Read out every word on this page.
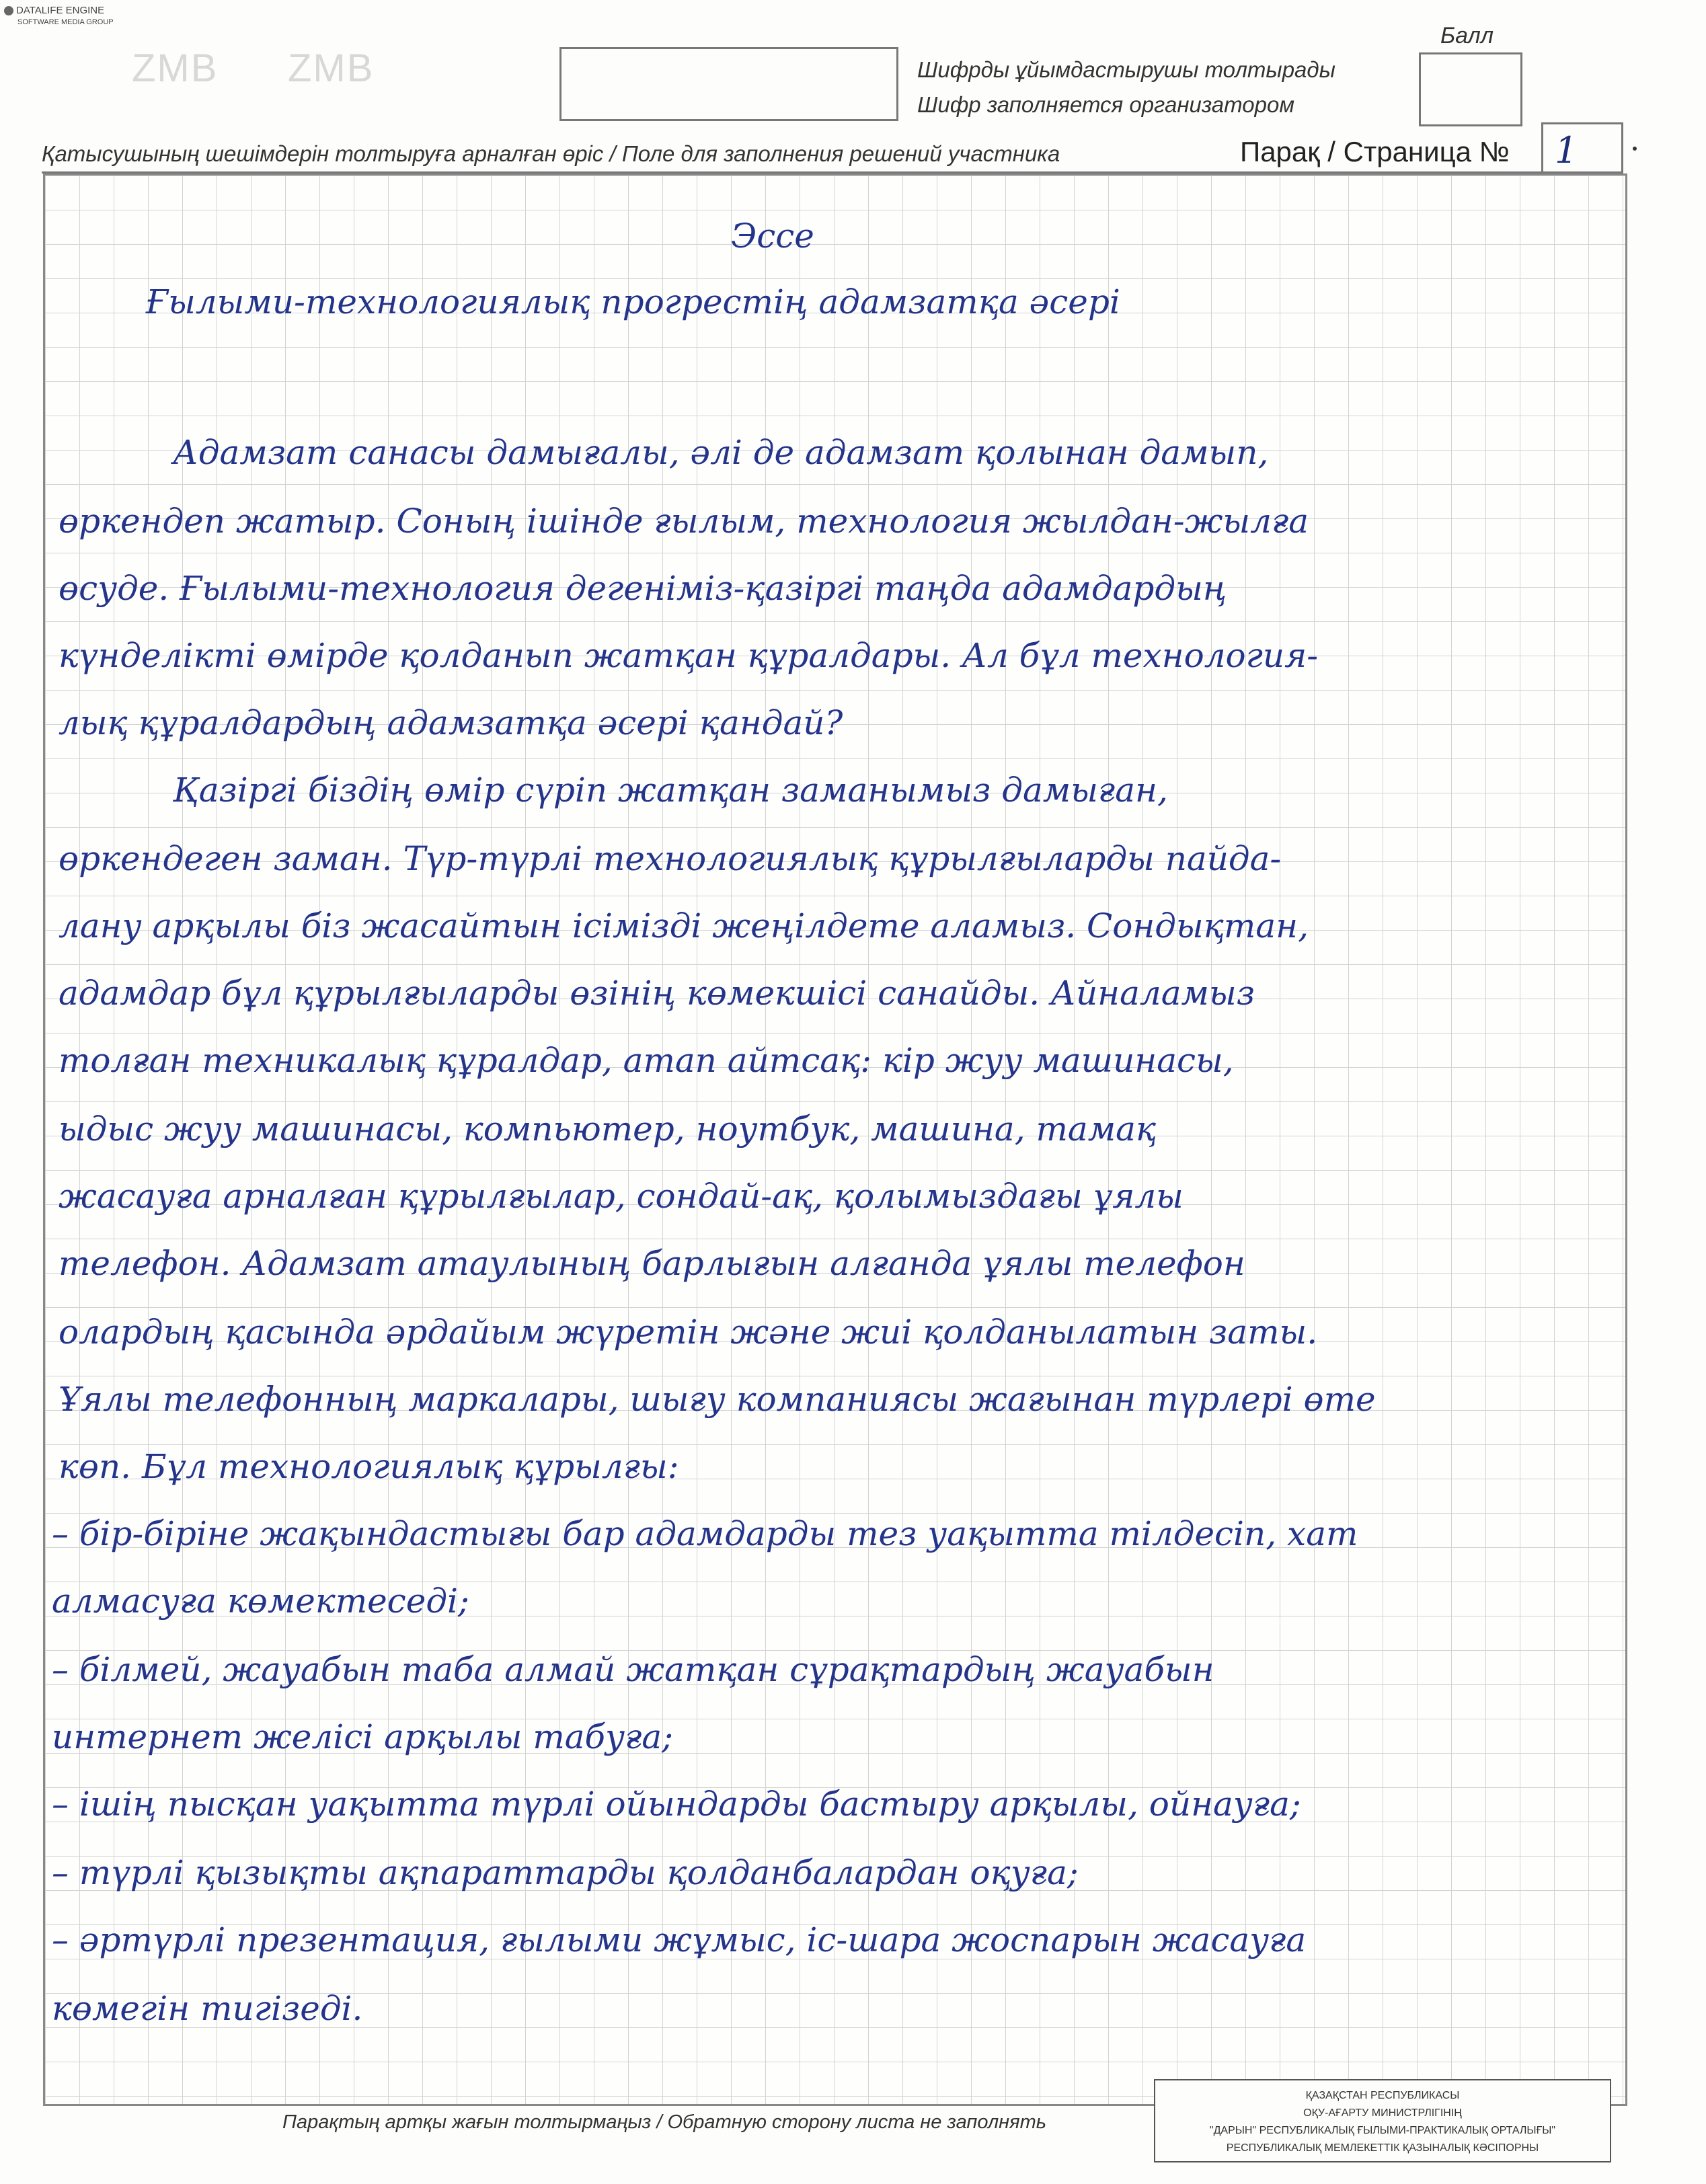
DATALIFE ENGINE
SOFTWARE MEDIA GROUP
ZMB ZMB	Шифрды ұйымдастырушы толтырады
Шифр заполняется организатором
Балл
Қатысушының шешімдерін толтыруға арналған өріс / Поле для заполнения решений участника	Парақ / Страница № 1

Эссе

Ғылыми-технологиялық прогрестің адамзатқа әсері

Адамзат санасы дамығалы, әлі де адамзат қолынан дамып,

өркендеп жатыр. Соның ішінде ғылым, технология жылдан-жылға

өсуде. Ғылыми-технология дегеніміз-қазіргі таңда адамдардың

күнделікті өмірде қолданып жатқан құралдары. Ал бұл технология-

лық құралдардың адамзатқа әсері қандай?

Қазіргі біздің өмір сүріп жатқан заманымыз дамыған,

өркендеген заман. Түр-түрлі технологиялық құрылғыларды пайда-

лану арқылы біз жасайтын ісімізді жеңілдете аламыз. Сондықтан,

адамдар бұл құрылғыларды өзінің көмекшісі санайды. Айналамыз

толған техникалық құралдар, атап айтсақ: кір жуу машинасы,

ыдыс жуу машинасы, компьютер, ноутбук, машина, тамақ

жасауға арналған құрылғылар, сондай-ақ, қолымыздағы ұялы

телефон. Адамзат атаулының барлығын алғанда ұялы телефон

олардың қасында әрдайым жүретін және жиі қолданылатын заты.

Ұялы телефонның маркалары, шығу компаниясы жағынан түрлері өте

көп. Бұл технологиялық құрылғы:

– бір-біріне жақындастығы бар адамдарды тез уақытта тілдесіп, хат

алмасуға көмектеседі;

– білмей, жауабын таба алмай жатқан сұрақтардың жауабын

интернет желісі арқылы табуға;

– ішің пысқан уақытта түрлі ойындарды бастыру арқылы, ойнауға;

– түрлі қызықты ақпараттарды қолданбалардан оқуға;

– әртүрлі презентация, ғылыми жұмыс, іс-шара жоспарын жасауға

көмегін тигізеді.

Парақтың артқы жағын толтырмаңыз / Обратную сторону листа не заполнять
ҚАЗАҚСТАН РЕСПУБЛИКАСЫ
ОҚУ-АҒАРТУ МИНИСТРЛІГІНІҢ
"ДАРЫН" РЕСПУБЛИКАЛЫҚ ҒЫЛЫМИ-ПРАКТИКАЛЫҚ ОРТАЛЫҒЫ"
РЕСПУБЛИКАЛЫҚ МЕМЛЕКЕТТІК ҚАЗЫНАЛЫҚ КӘСІПОРНЫ
